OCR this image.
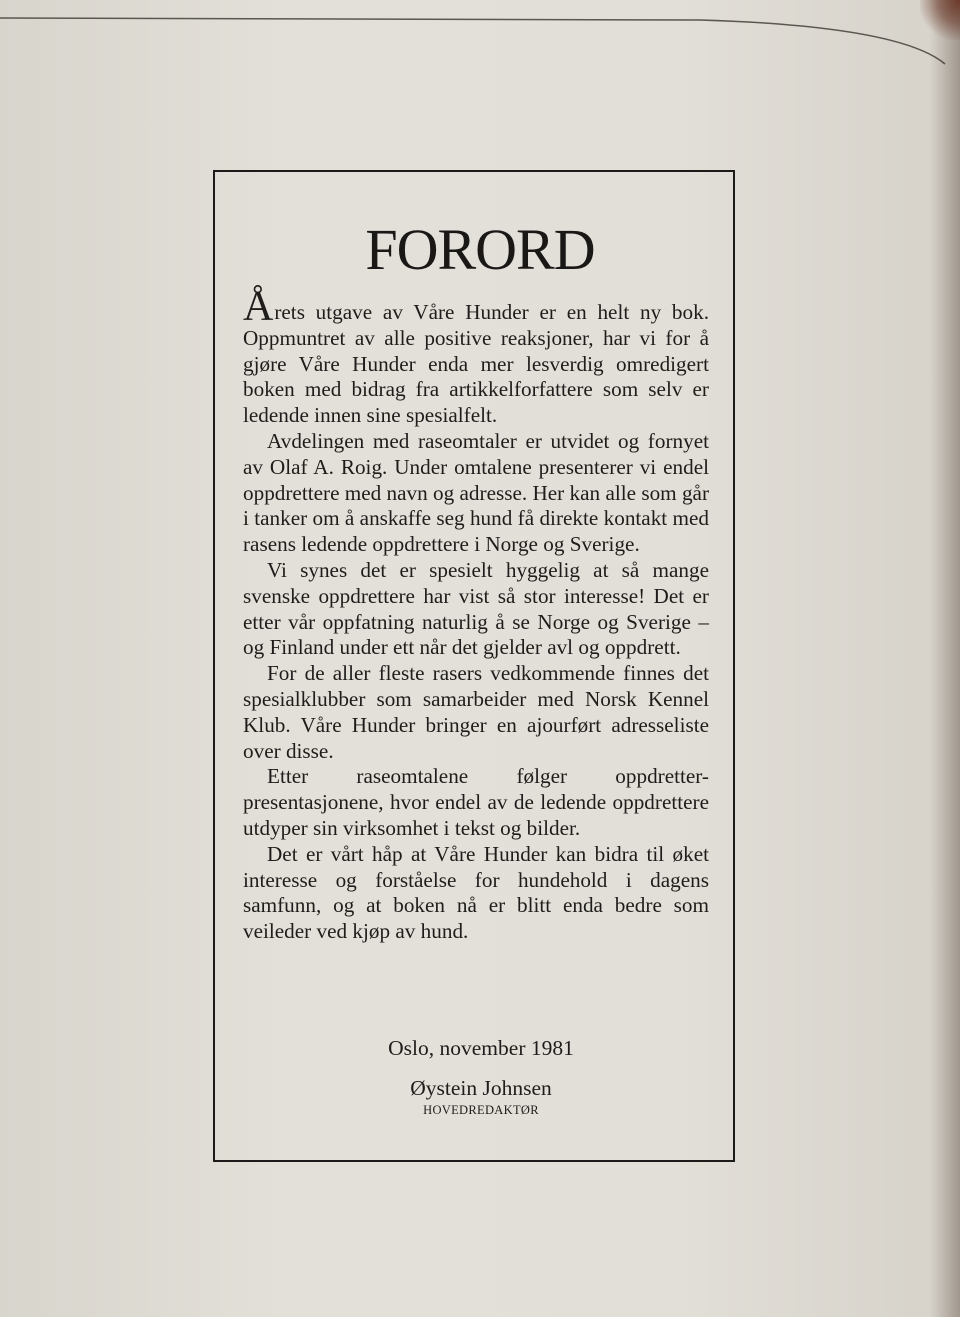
FORORD

Årets utgave av Våre Hunder er en helt ny bok. Oppmuntret av alle positive reaksjoner, har vi for å gjøre Våre Hunder enda mer lesverdig omredigert boken med bidrag fra artikkelforfattere som selv er ledende innen sine spesialfelt.

Avdelingen med raseomtaler er utvidet og fornyet av Olaf A. Roig. Under omtalene presenterer vi endel oppdrettere med navn og adresse. Her kan alle som går i tanker om å anskaffe seg hund få direkte kontakt med rasens ledende oppdrettere i Norge og Sverige.

Vi synes det er spesielt hyggelig at så mange svenske oppdrettere har vist så stor interesse! Det er etter vår oppfatning naturlig å se Norge og Sverige – og Finland under ett når det gjelder avl og oppdrett.

For de aller fleste rasers vedkommende finnes det spesialklubber som samarbeider med Norsk Kennel Klub. Våre Hunder bringer en ajourført adresseliste over disse.

Etter raseomtalene følger oppdretter-presentasjonene, hvor endel av de ledende oppdrettere utdyper sin virksomhet i tekst og bilder.

Det er vårt håp at Våre Hunder kan bidra til øket interesse og forståelse for hundehold i dagens samfunn, og at boken nå er blitt enda bedre som veileder ved kjøp av hund.

Oslo, november 1981
Øystein Johnsen
HOVEDREDAKTØR
